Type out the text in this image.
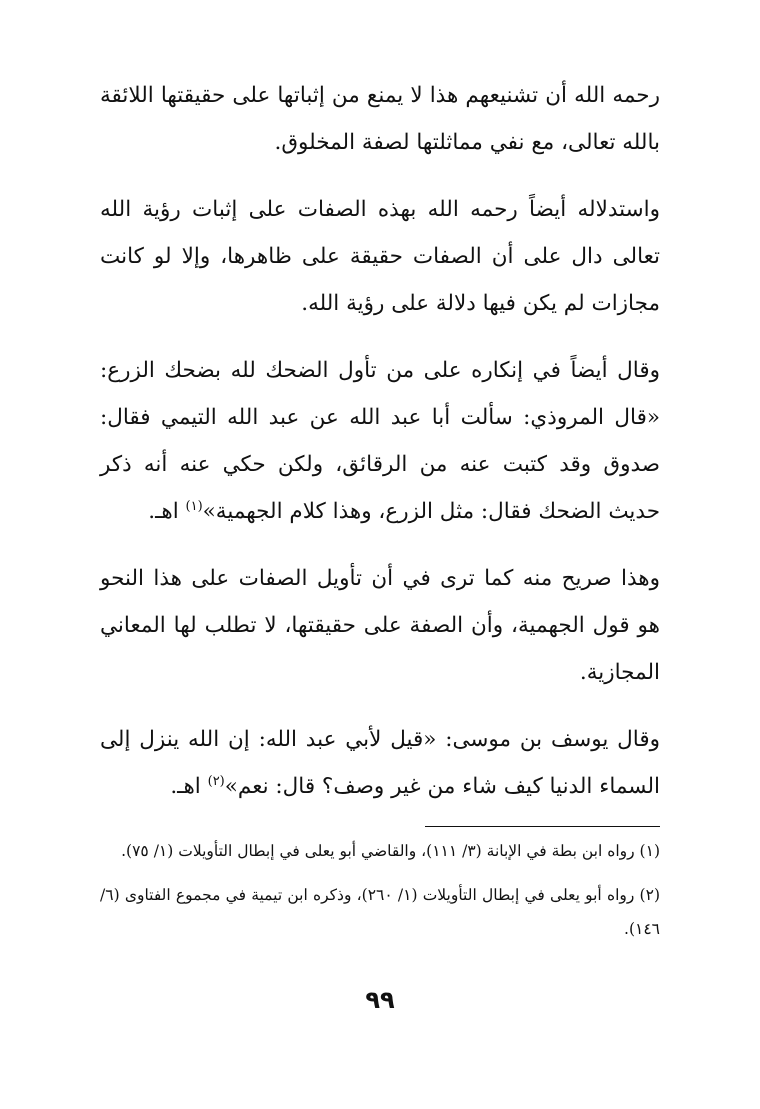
رحمه الله أن تشنيعهم هذا لا يمنع من إثباتها على حقيقتها اللائقة بالله تعالى، مع نفي مماثلتها لصفة المخلوق.

واستدلاله أيضاً رحمه الله بهذه الصفات على إثبات رؤية الله تعالى دال على أن الصفات حقيقة على ظاهرها، وإلا لو كانت مجازات لم يكن فيها دلالة على رؤية الله.

وقال أيضاً في إنكاره على من تأول الضحك لله بضحك الزرع: «قال المروذي: سألت أبا عبد الله عن عبد الله التيمي فقال: صدوق وقد كتبت عنه من الرقائق، ولكن حكي عنه أنه ذكر حديث الضحك فقال: مثل الزرع، وهذا كلام الجهمية»$^{(١)}$ اهـ.

وهذا صريح منه كما ترى في أن تأويل الصفات على هذا النحو هو قول الجهمية، وأن الصفة على حقيقتها، لا تطلب لها المعاني المجازية.

وقال يوسف بن موسى: «قيل لأبي عبد الله: إن الله ينزل إلى السماء الدنيا كيف شاء من غير وصف؟ قال: نعم»$^{(٢)}$ اهـ.

(١) رواه ابن بطة في الإبانة (٣/ ١١١)، والقاضي أبو يعلى في إبطال التأويلات (١/ ٧٥).

(٢) رواه أبو يعلى في إبطال التأويلات (١/ ٢٦٠)، وذكره ابن تيمية في مجموع الفتاوى (٦/ ١٤٦).

٩٩
